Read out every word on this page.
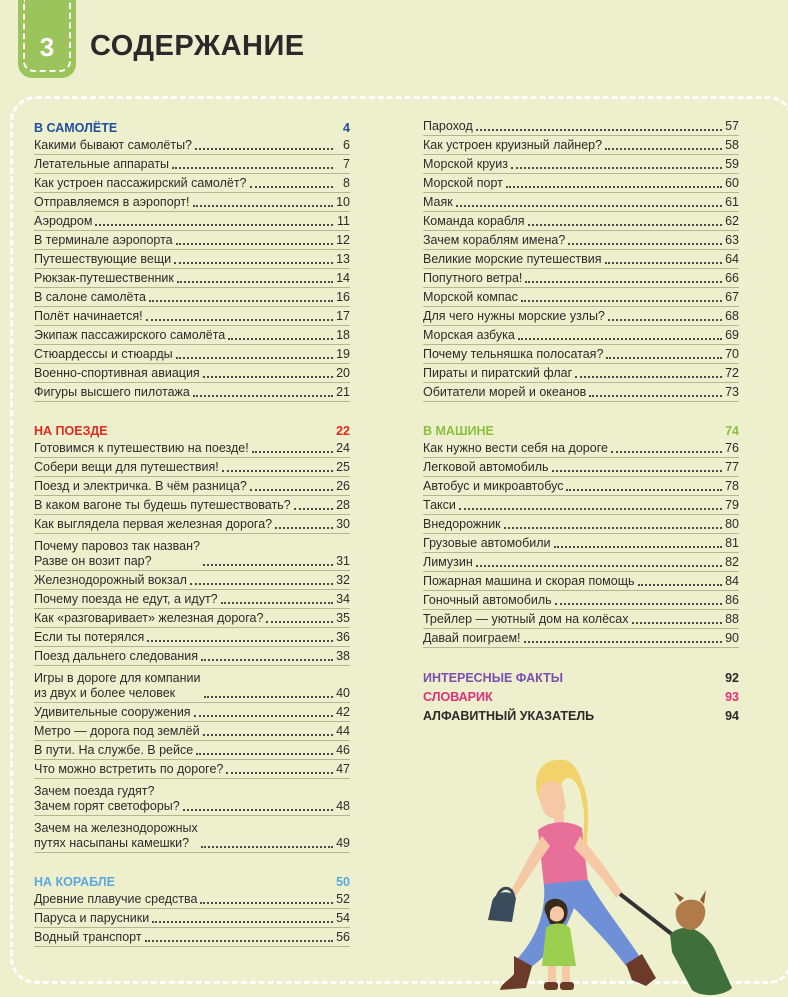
3	СОДЕРЖАНИЕ
В САМОЛЁТЕ	4
Какими бывают самолёты?	6
Летательные аппараты	7
Как устроен пассажирский самолёт?	8
Отправляемся в аэропорт!	10
Аэродром	11
В терминале аэропорта	12
Путешествующие вещи	13
Рюкзак-путешественник	14
В салоне самолёта	16
Полёт начинается!	17
Экипаж пассажирского самолёта	18
Стюардессы и стюарды	19
Военно-спортивная авиация	20
Фигуры высшего пилотажа	21
НА ПОЕЗДЕ	22
Готовимся к путешествию на поезде!	24
Собери вещи для путешествия!	25
Поезд и электричка. В чём разница?	26
В каком вагоне ты будешь путешествовать?	28
Как выглядела первая железная дорога?	30
Почему паровоз так назван?
Разве он возит пар?	31
Железнодорожный вокзал	32
Почему поезда не едут, а идут?	34
Как «разговаривает» железная дорога?	35
Если ты потерялся	36
Поезд дальнего следования	38
Игры в дороге для компании
из двух и более человек	40
Удивительные сооружения	42
Метро — дорога под землёй	44
В пути. На службе. В рейсе	46
Что можно встретить по дороге?	47
Зачем поезда гудят?
Зачем горят светофоры?	48
Зачем на железнодорожных
путях насыпаны камешки?	49
НА КОРАБЛЕ	50
Древние плавучие средства	52
Паруса и парусники	54
Водный транспорт	56
Пароход	57
Как устроен круизный лайнер?	58
Морской круиз	59
Морской порт	60
Маяк	61
Команда корабля	62
Зачем кораблям имена?	63
Великие морские путешествия	64
Попутного ветра!	66
Морской компас	67
Для чего нужны морские узлы?	68
Морская азбука	69
Почему тельняшка полосатая?	70
Пираты и пиратский флаг	72
Обитатели морей и океанов	73
В МАШИНЕ	74
Как нужно вести себя на дороге	76
Легковой автомобиль	77
Автобус и микроавтобус	78
Такси	79
Внедорожник	80
Грузовые автомобили	81
Лимузин	82
Пожарная машина и скорая помощь	84
Гоночный автомобиль	86
Трейлер — уютный дом на колёсах	88
Давай поиграем!	90
ИНТЕРЕСНЫЕ ФАКТЫ	92
СЛОВАРИК	93
АЛФАВИТНЫЙ УКАЗАТЕЛЬ	94
